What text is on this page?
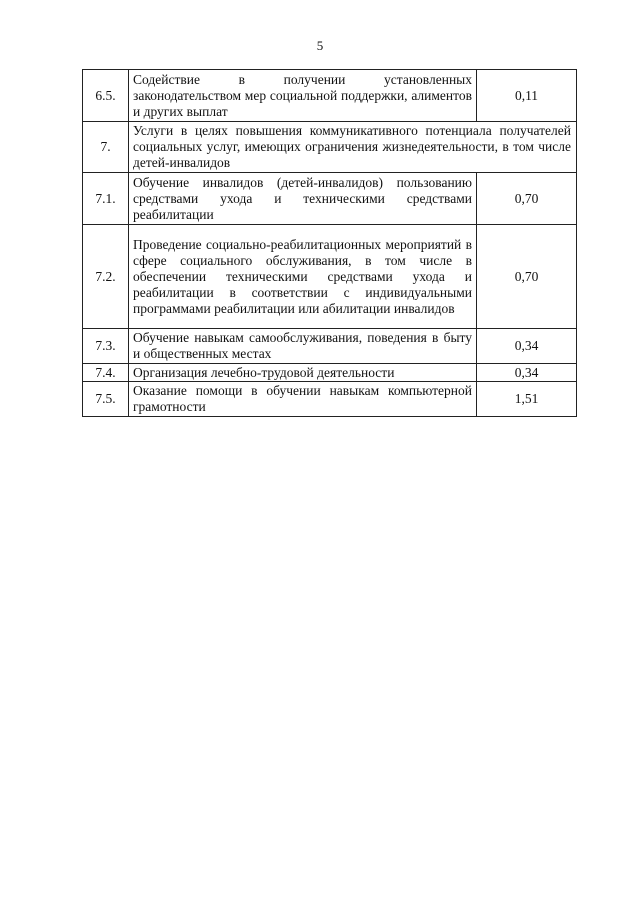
5
6.5.	Содействие в получении установленных законодательством мер социальной поддержки, алиментов и других выплат	0,11
7.	Услуги в целях повышения коммуникативного потенциала получателей социальных услуг, имеющих ограничения жизнедеятельности, в том числе детей-инвалидов	
7.1.	Обучение инвалидов (детей-инвалидов) пользованию средствами ухода и техническими средствами реабилитации	0,70
7.2.	Проведение социально-реабилитационных мероприятий в сфере социального обслуживания, в том числе в обеспечении техническими средствами ухода и реабилитации в соответствии с индивидуальными программами реабилитации или абилитации инвалидов	0,70
7.3.	Обучение навыкам самообслуживания, поведения в быту и общественных местах	0,34
7.4.	Организация лечебно-трудовой деятельности	0,34
7.5.	Оказание помощи в обучении навыкам компьютерной грамотности	1,51
